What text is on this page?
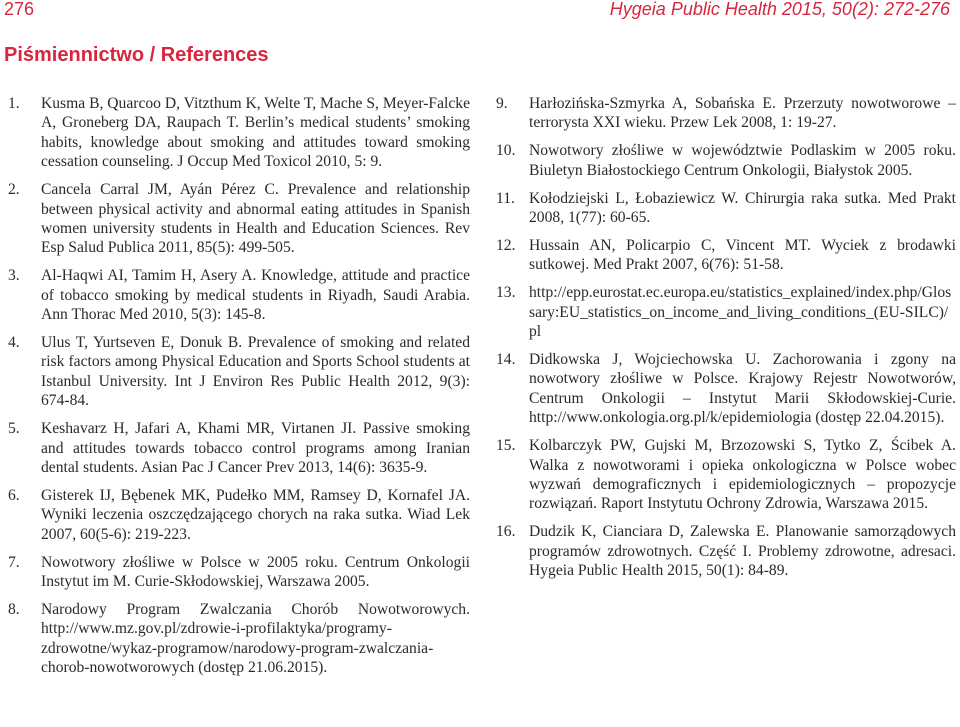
276	Hygeia Public Health 2015, 50(2): 272-276
Piśmiennictwo / References
1. Kusma B, Quarcoo D, Vitzthum K, Welte T, Mache S, Meyer-Falcke A, Groneberg DA, Raupach T. Berlin’s medical students’ smoking habits, knowledge about smoking and attitudes toward smoking cessation counseling. J Occup Med Toxicol 2010, 5: 9.
2. Cancela Carral JM, Ayán Pérez C. Prevalence and relationship between physical activity and abnormal eating attitudes in Spanish women university students in Health and Education Sciences. Rev Esp Salud Publica 2011, 85(5): 499-505.
3. Al-Haqwi AI, Tamim H, Asery A. Knowledge, attitude and practice of tobacco smoking by medical students in Riyadh, Saudi Arabia. Ann Thorac Med 2010, 5(3): 145-8.
4. Ulus T, Yurtseven E, Donuk B. Prevalence of smoking and related risk factors among Physical Education and Sports School students at Istanbul University. Int J Environ Res Public Health 2012, 9(3): 674-84.
5. Keshavarz H, Jafari A, Khami MR, Virtanen JI. Passive smoking and attitudes towards tobacco control programs among Iranian dental students. Asian Pac J Cancer Prev 2013, 14(6): 3635-9.
6. Gisterek IJ, Bębenek MK, Pudełko MM, Ramsey D, Kornafel JA. Wyniki leczenia oszczędzającego chorych na raka sutka. Wiad Lek 2007, 60(5-6): 219-223.
7. Nowotwory złośliwe w Polsce w 2005 roku. Centrum Onkologii Instytut im M. Curie-Skłodowskiej, Warszawa 2005.
8. Narodowy Program Zwalczania Chorób Nowotworowych. http://www.mz.gov.pl/zdrowie-i-profilaktyka/programy-zdrowotne/wykaz-programow/narodowy-program-zwalczania-chorob-nowotworowych (dostęp 21.06.2015).
9. Harłozińska-Szmyrka A, Sobańska E. Przerzuty nowotworowe – terrorysta XXI wieku. Przew Lek 2008, 1: 19-27.
10. Nowotwory złośliwe w województwie Podlaskim w 2005 roku. Biuletyn Białostockiego Centrum Onkologii, Białystok 2005.
11. Kołodziejski L, Łobaziewicz W. Chirurgia raka sutka. Med Prakt 2008, 1(77): 60-65.
12. Hussain AN, Policarpio C, Vincent MT. Wyciek z brodawki sutkowej. Med Prakt 2007, 6(76): 51-58.
13. http://epp.eurostat.ec.europa.eu/statistics_explained/index.php/Glossary:EU_statistics_on_income_and_living_conditions_(EU-SILC)/pl
14. Didkowska J, Wojciechowska U. Zachorowania i zgony na nowotwory złośliwe w Polsce. Krajowy Rejestr Nowotworów, Centrum Onkologii – Instytut Marii Skłodowskiej-Curie. http://www.onkologia.org.pl/k/epidemiologia (dostęp 22.04.2015).
15. Kolbarczyk PW, Gujski M, Brzozowski S, Tytko Z, Ścibek A. Walka z nowotworami i opieka onkologiczna w Polsce wobec wyzwań demograficznych i epidemiologicznych – propozycje rozwiązań. Raport Instytutu Ochrony Zdrowia, Warszawa 2015.
16. Dudzik K, Cianciara D, Zalewska E. Planowanie samorządowych programów zdrowotnych. Część I. Problemy zdrowotne, adresaci. Hygeia Public Health 2015, 50(1): 84-89.
